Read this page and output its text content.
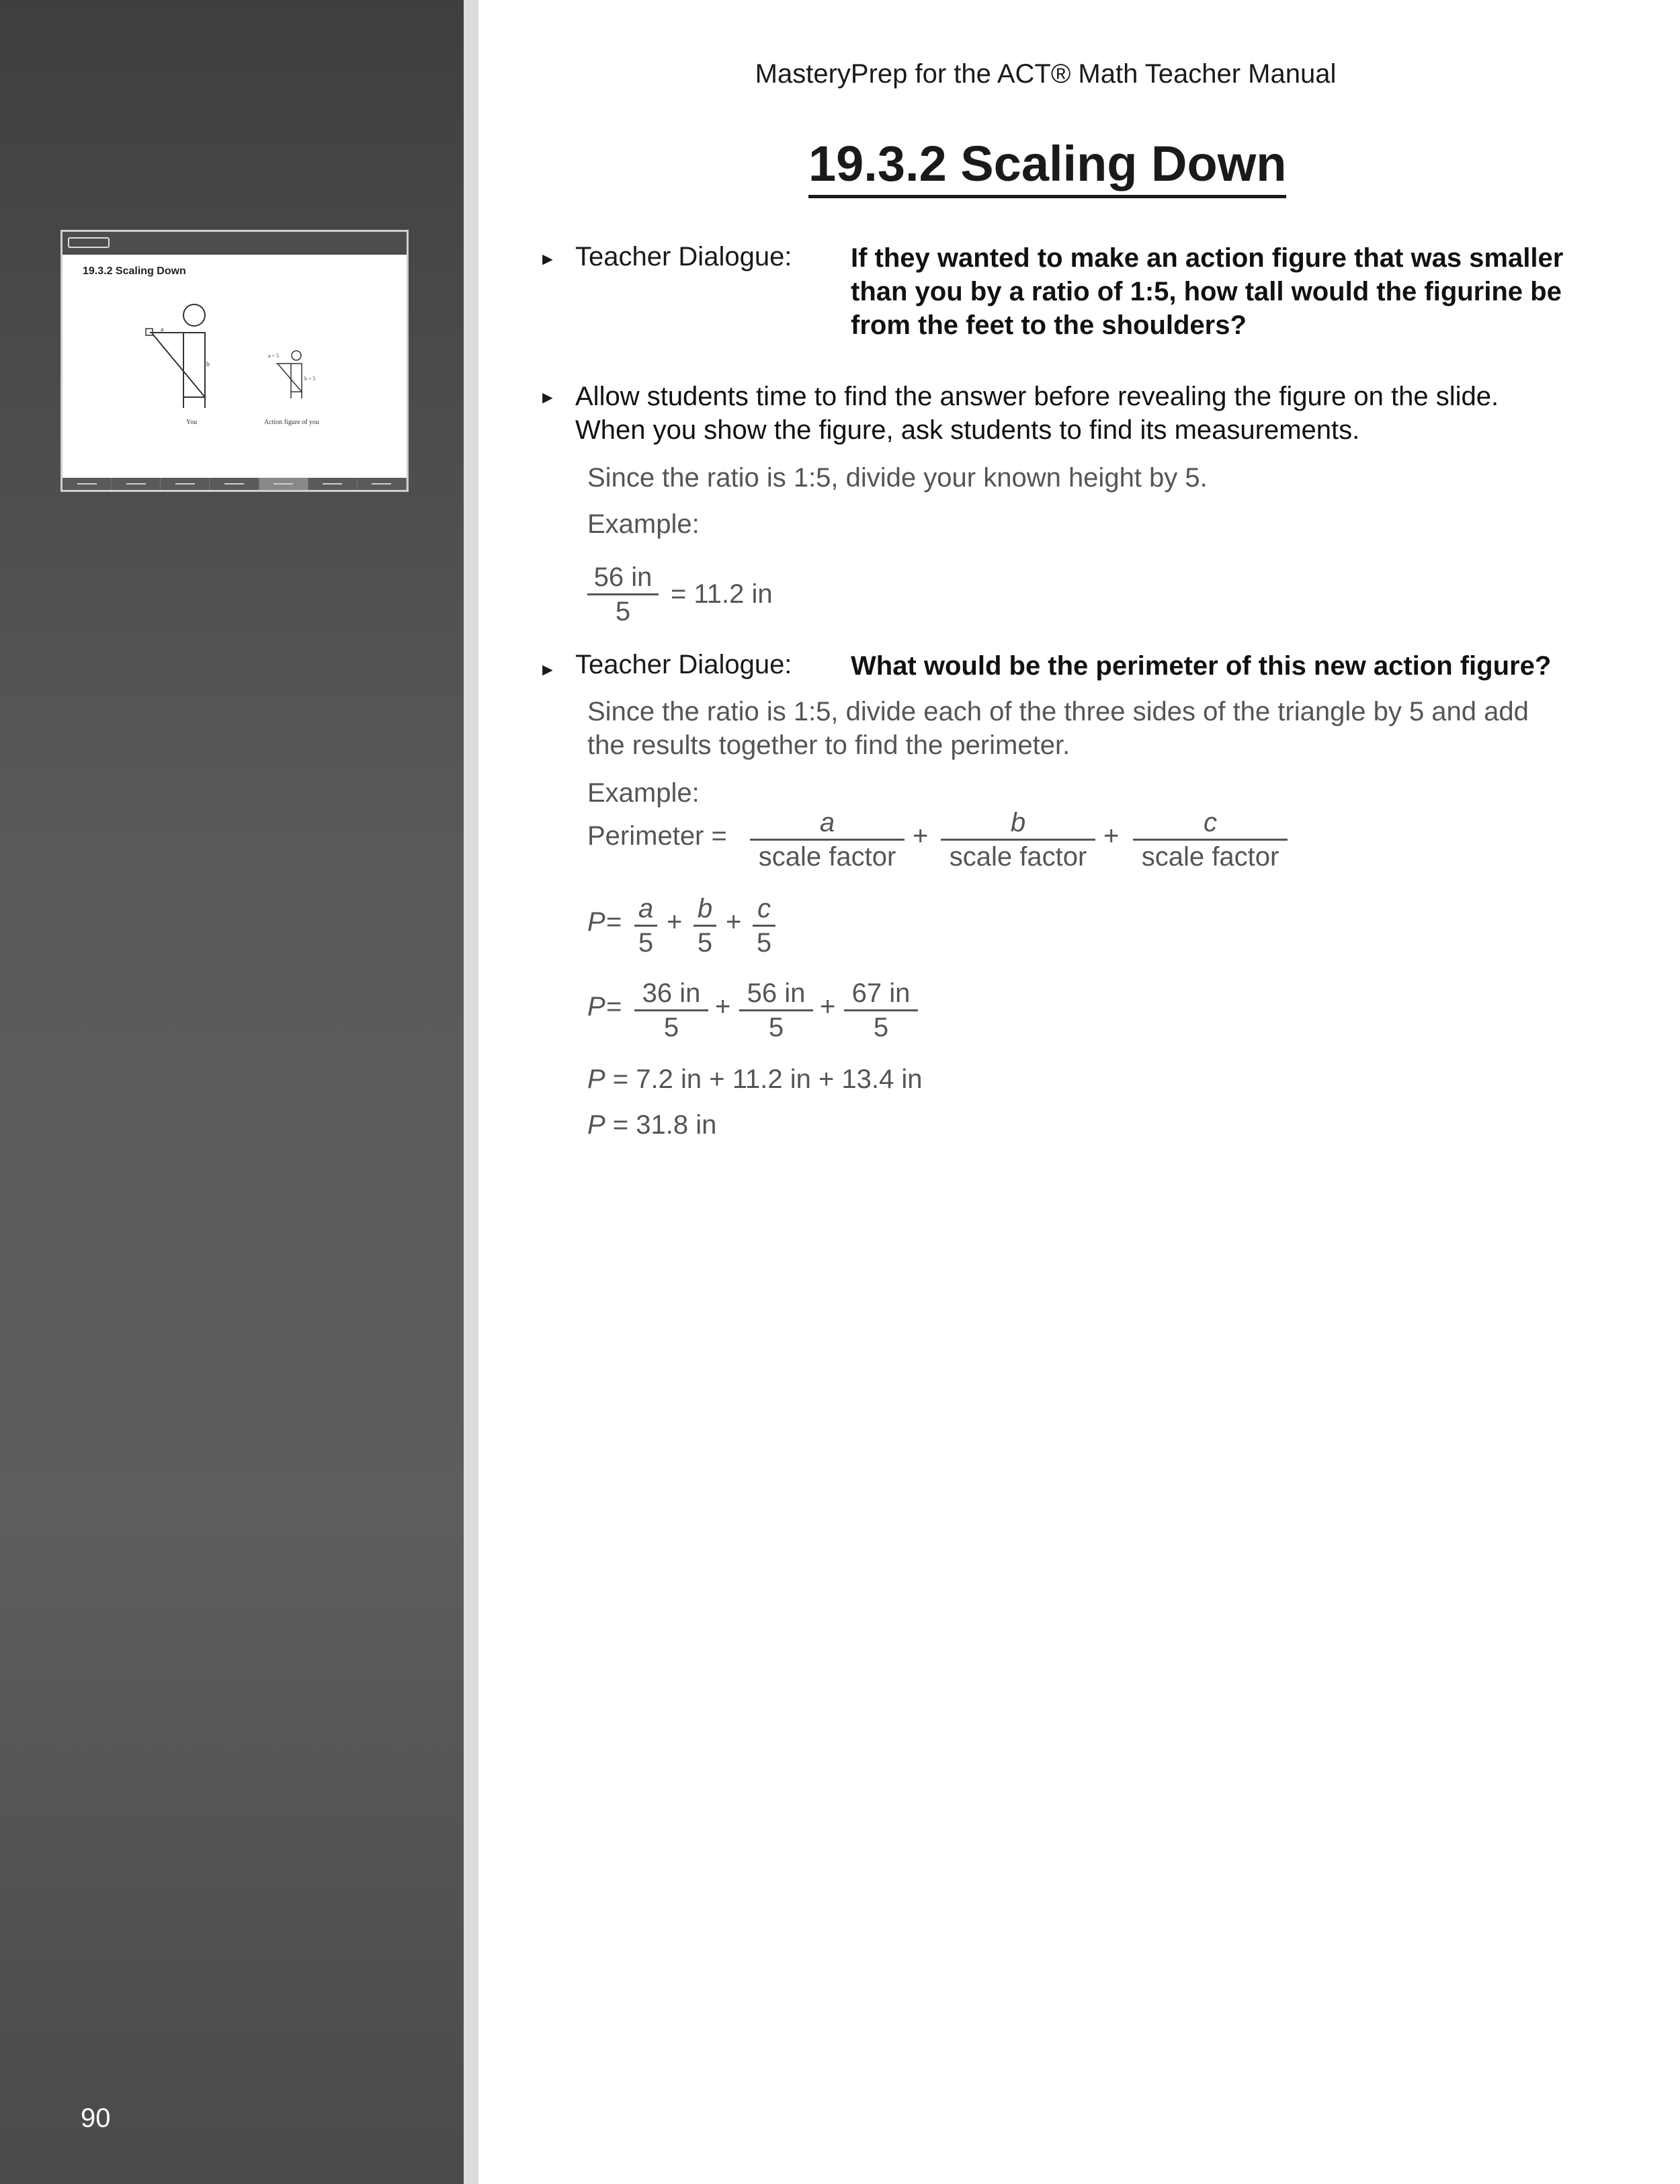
19.3.2 Scaling Down
a
b
a ÷ 5
b ÷ 5
You	Action figure of you
90
MasteryPrep for the ACT® Math Teacher Manual
19.3.2 Scaling Down
► Teacher Dialogue: If they wanted to make an action figure that was smaller than you by a ratio of 1:5, how tall would the figurine be from the feet to the shoulders?
► Allow students time to find the answer before revealing the figure on the slide. When you show the figure, ask students to find its measurements.
Since the ratio is 1:5, divide your known height by 5.
Example:
$\frac{56 in}{5} = 11.2$ in
► Teacher Dialogue: What would be the perimeter of this new action figure?
Since the ratio is 1:5, divide each of the three sides of the triangle by 5 and add the results together to find the perimeter.
Example:
Perimeter =	a
scale factor
+	b
scale factor
+	c
scale factor
$P = \frac{a}{5} + \frac{b}{5} + \frac{c}{5}$
$P = \frac{36 in}{5} + \frac{56 in}{5} + \frac{67 in}{5}$
P = 7.2 in + 11.2 in + 13.4 in
P = 31.8 in
